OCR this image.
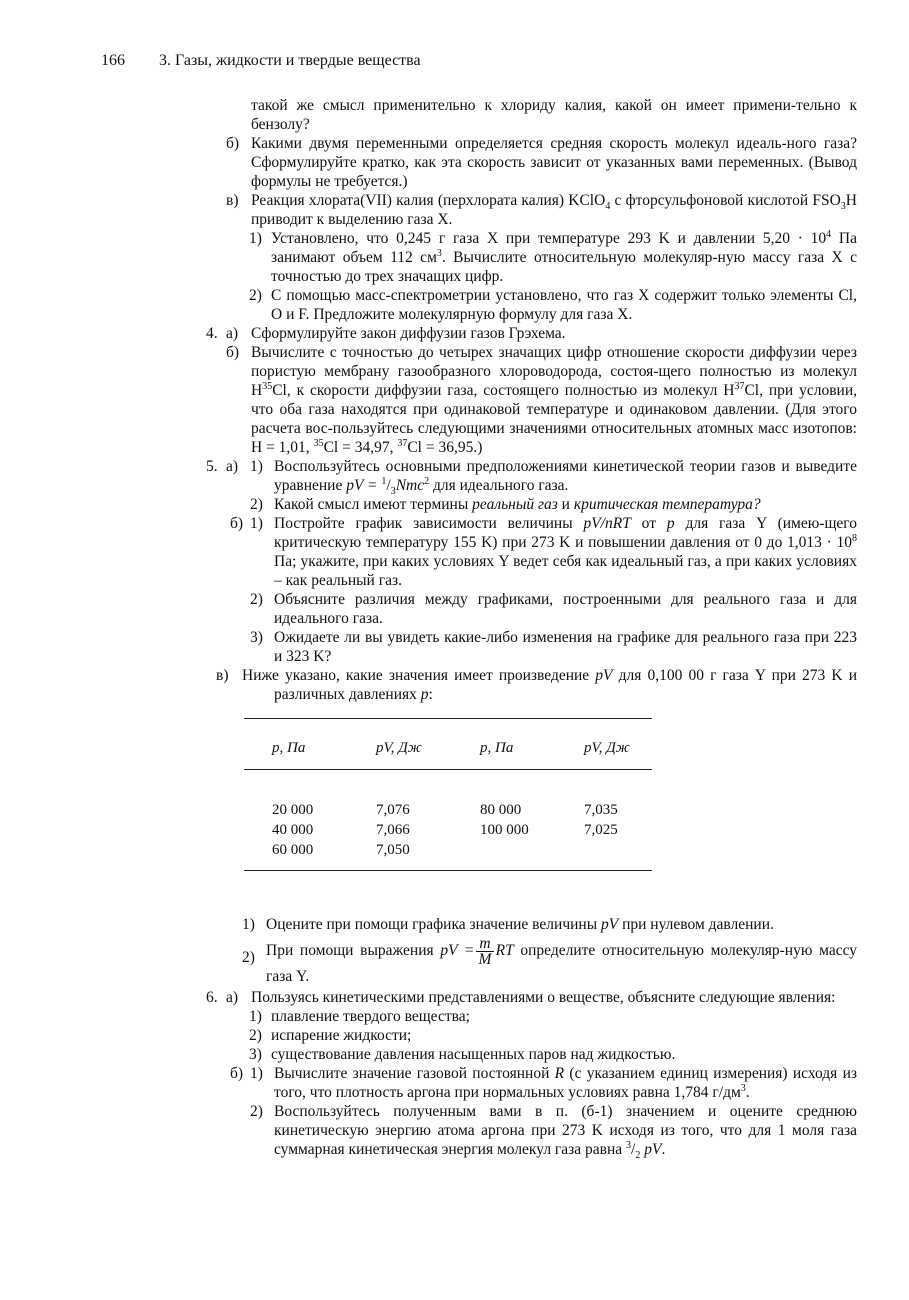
166 3. Газы, жидкости и твердые вещества

такой же смысл применительно к хлориду калия, какой он имеет примени-тельно к бензолу?

б) Какими двумя переменными определяется средняя скорость молекул идеаль-ного газа? Сформулируйте кратко, как эта скорость зависит от указанных вами переменных. (Вывод формулы не требуется.)

в) Реакция хлората(VII) калия (перхлората калия) KClO$_4$ с фторсульфоновой кислотой $FSO_3H$ приводит к выделению газа X.

1) Установлено, что 0,245 г газа X при температуре 293 K и давлении $5,20 \cdot 10^4$ Па занимают объем 112 $см^3$. Вычислите относительную молекуляр-ную массу газа X с точностью до трех значащих цифр.

2) С помощью масс-спектрометрии установлено, что газ X содержит только элементы Cl, O и F. Предложите молекулярную формулу для газа X.

4. а) Сформулируйте закон диффузии газов Грэхема.

б) Вычислите с точностью до четырех значащих цифр отношение скорости диффузии через пористую мембрану газообразного хлороводорода, состоя-щего полностью из молекул $H^{35}Cl$, к скорости диффузии газа, состоящего полностью из молекул $H^{37}Cl$, при условии, что оба газа находятся при одинаковой температуре и одинаковом давлении. (Для этого расчета вос-пользуйтесь следующими значениями относительных атомных масс изотопов: H = 1,01, $^{35}$Cl = 34,97, $^{37}$Cl = 36,95.)

5. а) 1) Воспользуйтесь основными предположениями кинетической теории газов и выведите уравнение pV = $^1/_3Nmc^2$ для идеального газа.

2) Какой смысл имеют термины реальный газ и критическая температура?

б) 1) Постройте график зависимости величины pV/nRT от p для газа Y (имею-щего критическую температуру 155 K) при 273 K и повышении давления от 0 до $1,013 \cdot 10^8$ Па; укажите, при каких условиях Y ведет себя как идеальный газ, а при каких условиях – как реальный газ.

2) Объясните различия между графиками, построенными для реального газа и для идеального газа.

3) Ожидаете ли вы увидеть какие-либо изменения на графике для реального газа при 223 и 323 K?

в) Ниже указано, какие значения имеет произведение pV для 0,100 00 г газа Y при 273 K и различных давлениях p:

	p, Па	pV, Дж	p, Па	pV, Дж

	20 000	7,076	80 000	7,035
	40 000	7,066	100 000	7,025
	60 000	7,050		

1) Оцените при помощи графика значение величины pV при нулевом давлении.

2) При помощи выражения pV = $\frac{m}{M}$ RT определите относительную молекуляр-ную массу газа Y.

6. а) Пользуясь кинетическими представлениями о веществе, объясните следующие явления:

1) плавление твердого вещества;

2) испарение жидкости;

3) существование давления насыщенных паров над жидкостью.

б) 1) Вычислите значение газовой постоянной R (с указанием единиц измерения) исходя из того, что плотность аргона при нормальных условиях равна 1,784 $г/дм^3$.

2) Воспользуйтесь полученным вами в п. (б-1) значением и оцените среднюю кинетическую энергию атома аргона при 273 K исходя из того, что для 1 моля газа суммарная кинетическая энергия молекул газа равна $^3/_2$ pV.
